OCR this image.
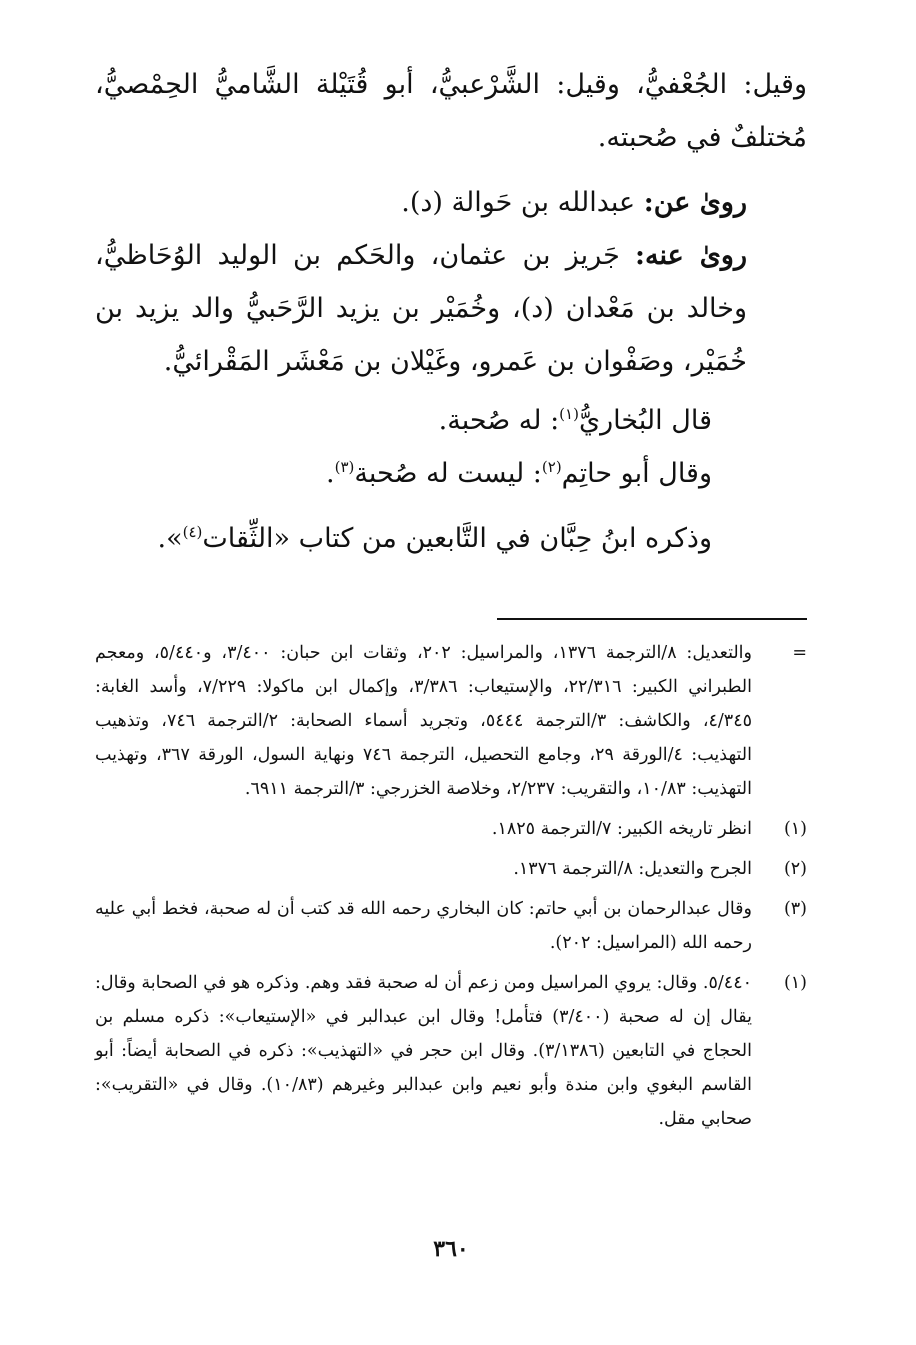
وقيل: الجُعْفيُّ، وقيل: الشَّرْعبيُّ، أبو قُتَيْلة الشَّاميُّ الحِمْصيُّ، مُختلفٌ في صُحبته.

روىٰ عن: عبدالله بن حَوالة (د).

روىٰ عنه: جَريز بن عثمان، والحَكم بن الوليد الوُحَاظيُّ، وخالد بن مَعْدان (د)، وخُمَيْر بن يزيد الرَّحَبيُّ والد يزيد بن خُمَيْر، وصَفْوان بن عَمرو، وغَيْلان بن مَعْشَر المَقْرائيُّ.

قال البُخاريُّ$^{(١)}$: له صُحبة.

وقال أبو حاتِم$^{(٢)}$: ليست له صُحبة$^{(٣)}$.

وذكره ابنُ حِبَّان في التَّابعين من كتاب «الثِّقات$^{(٤)}$».

=
والتعديل: ٨/الترجمة ١٣٧٦، والمراسيل: ٢٠٢، وثقات ابن حبان: ٣/٤٠٠، و٥/٤٤٠، ومعجم الطبراني الكبير: ٢٢/٣١٦، والإستيعاب: ٣/٣٨٦، وإكمال ابن ماكولا: ٧/٢٢٩، وأسد الغابة: ٤/٣٤٥، والكاشف: ٣/الترجمة ٥٤٤٤، وتجريد أسماء الصحابة: ٢/الترجمة ٧٤٦، وتذهيب التهذيب: ٤/الورقة ٢٩، وجامع التحصيل، الترجمة ٧٤٦ ونهاية السول، الورقة ٣٦٧، وتهذيب التهذيب: ١٠/٨٣، والتقريب: ٢/٢٣٧، وخلاصة الخزرجي: ٣/الترجمة ٦٩١١.
(١)
انظر تاريخه الكبير: ٧/الترجمة ١٨٢٥.
(٢)
الجرح والتعديل: ٨/الترجمة ١٣٧٦.
(٣)
وقال عبدالرحمان بن أبي حاتم: كان البخاري رحمه الله قد كتب أن له صحبة، فخط أبي عليه رحمه الله (المراسيل: ٢٠٢).
(١)
٥/٤٤٠. وقال: يروي المراسيل ومن زعم أن له صحبة فقد وهم. وذكره هو في الصحابة وقال: يقال إن له صحبة (٣/٤٠٠) فتأمل! وقال ابن عبدالبر في «الإستيعاب»: ذكره مسلم بن الحجاج في التابعين (٣/١٣٨٦). وقال ابن حجر في «التهذيب»: ذكره في الصحابة أيضاً: أبو القاسم البغوي وابن مندة وأبو نعيم وابن عبدالبر وغيرهم (١٠/٨٣). وقال في «التقريب»: صحابي مقل.
٣٦٠
